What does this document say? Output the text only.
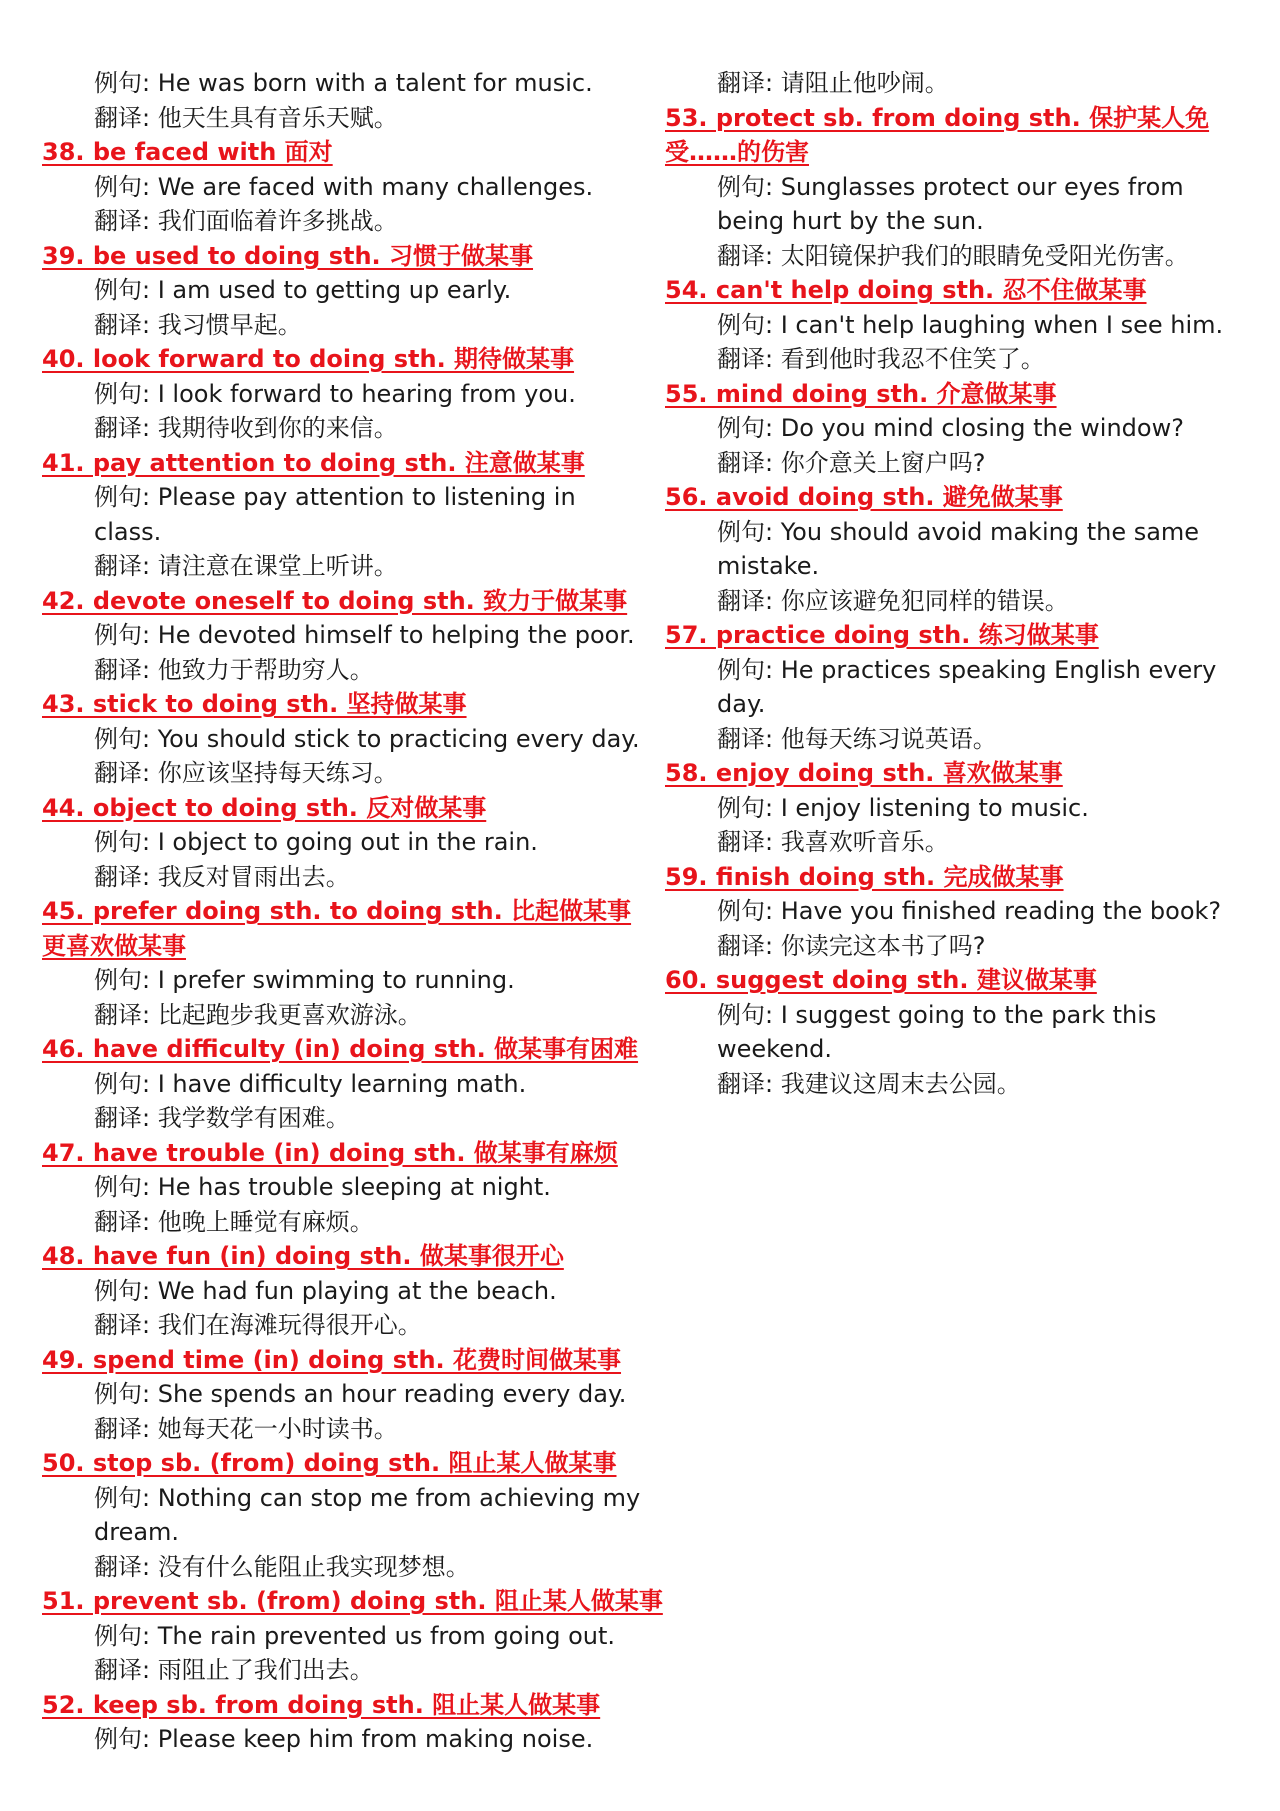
例句: He was born with a talent for music.
翻译: 他天生具有音乐天赋。
38. be faced with 面对
例句: We are faced with many challenges.
翻译: 我们面临着许多挑战。
39. be used to doing sth. 习惯于做某事
例句: I am used to getting up early.
翻译: 我习惯早起。
40. look forward to doing sth. 期待做某事
例句: I look forward to hearing from you.
翻译: 我期待收到你的来信。
41. pay attention to doing sth. 注意做某事
例句: Please pay attention to listening in class.
翻译: 请注意在课堂上听讲。
42. devote oneself to doing sth. 致力于做某事
例句: He devoted himself to helping the poor.
翻译: 他致力于帮助穷人。
43. stick to doing sth. 坚持做某事
例句: You should stick to practicing every day.
翻译: 你应该坚持每天练习。
44. object to doing sth. 反对做某事
例句: I object to going out in the rain.
翻译: 我反对冒雨出去。
45. prefer doing sth. to doing sth. 比起做某事更喜欢做某事
例句: I prefer swimming to running.
翻译: 比起跑步我更喜欢游泳。
46. have difficulty (in) doing sth. 做某事有困难
例句: I have difficulty learning math.
翻译: 我学数学有困难。
47. have trouble (in) doing sth. 做某事有麻烦
例句: He has trouble sleeping at night.
翻译: 他晚上睡觉有麻烦。
48. have fun (in) doing sth. 做某事很开心
例句: We had fun playing at the beach.
翻译: 我们在海滩玩得很开心。
49. spend time (in) doing sth. 花费时间做某事
例句: She spends an hour reading every day.
翻译: 她每天花一小时读书。
50. stop sb. (from) doing sth. 阻止某人做某事
例句: Nothing can stop me from achieving my dream.
翻译: 没有什么能阻止我实现梦想。
51. prevent sb. (from) doing sth. 阻止某人做某事
例句: The rain prevented us from going out.
翻译: 雨阻止了我们出去。
52. keep sb. from doing sth. 阻止某人做某事
例句: Please keep him from making noise.
翻译: 请阻止他吵闹。
53. protect sb. from doing sth. 保护某人免受……的伤害
例句: Sunglasses protect our eyes from being hurt by the sun.
翻译: 太阳镜保护我们的眼睛免受阳光伤害。
54. can't help doing sth. 忍不住做某事
例句: I can't help laughing when I see him.
翻译: 看到他时我忍不住笑了。
55. mind doing sth. 介意做某事
例句: Do you mind closing the window?
翻译: 你介意关上窗户吗?
56. avoid doing sth. 避免做某事
例句: You should avoid making the same mistake.
翻译: 你应该避免犯同样的错误。
57. practice doing sth. 练习做某事
例句: He practices speaking English every day.
翻译: 他每天练习说英语。
58. enjoy doing sth. 喜欢做某事
例句: I enjoy listening to music.
翻译: 我喜欢听音乐。
59. finish doing sth. 完成做某事
例句: Have you finished reading the book?
翻译: 你读完这本书了吗?
60. suggest doing sth. 建议做某事
例句: I suggest going to the park this weekend.
翻译: 我建议这周末去公园。
